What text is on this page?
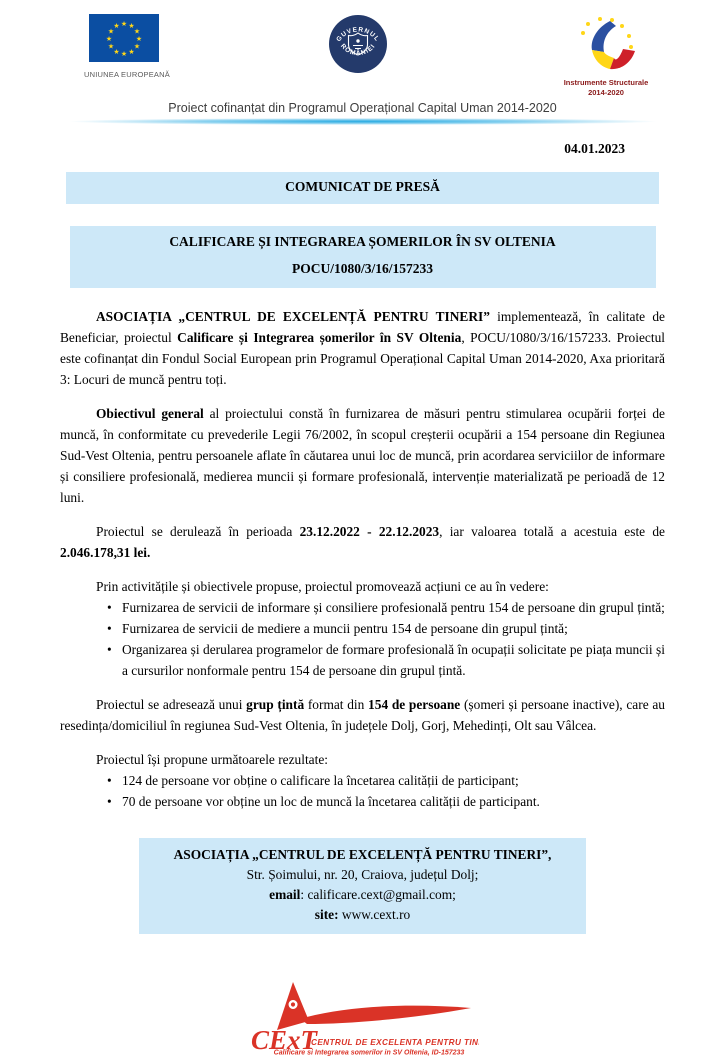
★ ★
★
★
★
★
★
★
★
★
★
★
UNIUNEA EUROPEANĂ
GUVERNUL
ROMÂNIEI
Instrumente Structurale
2014-2020
Proiect cofinanțat din Programul Operațional Capital Uman 2014-2020
04.01.2023
COMUNICAT DE PRESĂ
CALIFICARE ȘI INTEGRAREA ȘOMERILOR ÎN SV OLTENIA
POCU/1080/3/16/157233

ASOCIAȚIA „CENTRUL DE EXCELENȚĂ PENTRU TINERI” implementează, în calitate de Beneficiar, proiectul Calificare și Integrarea șomerilor în SV Oltenia, POCU/1080/3/16/157233. Proiectul este cofinanțat din Fondul Social European prin Programul Operațional Capital Uman 2014-2020, Axa prioritară 3: Locuri de muncă pentru toți.

Obiectivul general al proiectului constă în furnizarea de măsuri pentru stimularea ocupării forței de muncă, în conformitate cu prevederile Legii 76/2002, în scopul creșterii ocupării a 154 persoane din Regiunea Sud-Vest Oltenia, pentru persoanele aflate în căutarea unui loc de muncă, prin acordarea serviciilor de informare și consiliere profesională, medierea muncii și formare profesională, intervenție materializată pe perioadă de 12 luni.

Proiectul se derulează în perioada 23.12.2022 - 22.12.2023, iar valoarea totală a acestuia este de 2.046.178,31 lei.

Prin activitățile și obiectivele propuse, proiectul promovează acțiuni ce au în vedere:

• Furnizarea de servicii de informare și consiliere profesională pentru 154 de persoane din grupul țintă;
• Furnizarea de servicii de mediere a muncii pentru 154 de persoane din grupul țintă;
• Organizarea și derularea programelor de formare profesională în ocupații solicitate pe piața muncii și a cursurilor nonformale pentru 154 de persoane din grupul țintă.

Proiectul se adresează unui grup țintă format din 154 de persoane (șomeri și persoane inactive), care au resedința/domiciliul în regiunea Sud-Vest Oltenia, în județele Dolj, Gorj, Mehedinți, Olt sau Vâlcea.

Proiectul își propune următoarele rezultate:

• 124 de persoane vor obține o calificare la încetarea calității de participant;
• 70 de persoane vor obține un loc de muncă la încetarea calității de participant.
ASOCIAȚIA „CENTRUL DE EXCELENȚĂ PENTRU TINERI”,
Str. Șoimului, nr. 20, Craiova, județul Dolj;
email: calificare.cext@gmail.com;
site: www.cext.ro
CExT
CENTRUL DE EXCELENTA PENTRU TINERI
Calificare si Integrarea somerilor in SV Oltenia, ID-157233
